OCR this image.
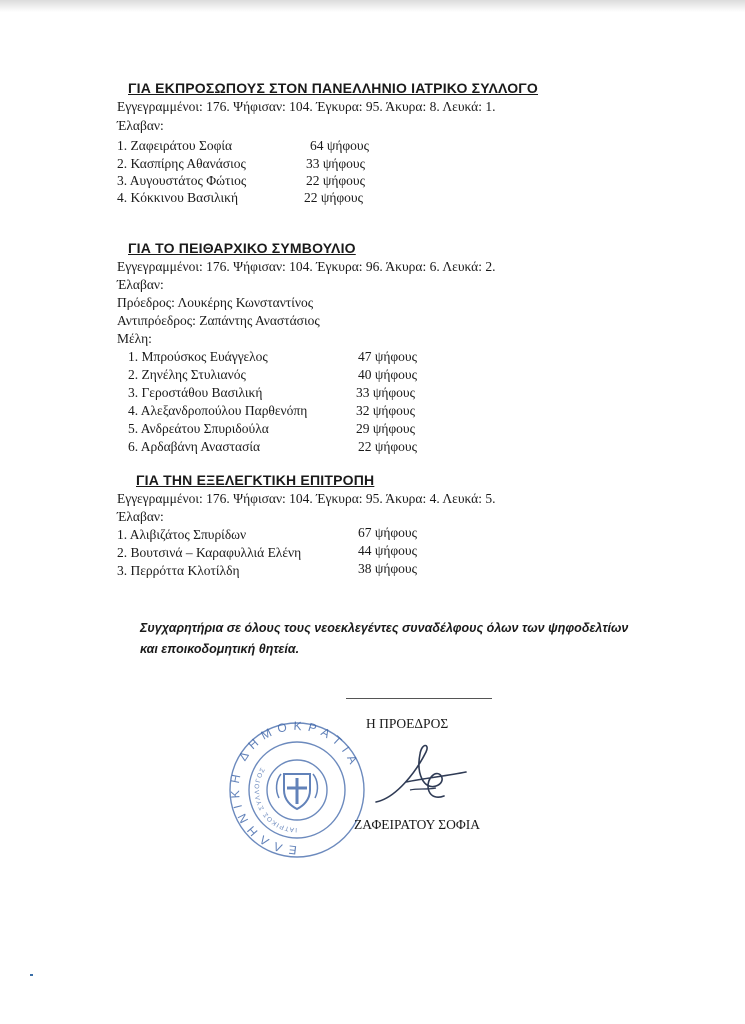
ΓΙΑ ΕΚΠΡΟΣΩΠΟΥΣ ΣΤΟΝ ΠΑΝΕΛΛΗΝΙΟ ΙΑΤΡΙΚΟ ΣΥΛΛΟΓΟ
Εγγεγραμμένοι: 176. Ψήφισαν: 104. Έγκυρα: 95. Άκυρα: 8. Λευκά: 1.
Έλαβαν:
1. Ζαφειράτου Σοφία	64 ψήφους
2. Κασπίρης Αθανάσιος	33 ψήφους
3. Αυγουστάτος Φώτιος	22 ψήφους
4. Κόκκινου Βασιλική	22 ψήφους
ΓΙΑ ΤΟ ΠΕΙΘΑΡΧΙΚΟ ΣΥΜΒΟΥΛΙΟ
Εγγεγραμμένοι: 176. Ψήφισαν: 104. Έγκυρα: 96. Άκυρα: 6. Λευκά: 2.
Έλαβαν:
Πρόεδρος: Λουκέρης Κωνσταντίνος
Αντιπρόεδρος: Ζαπάντης Αναστάσιος
Μέλη:
1. Μπρούσκος Ευάγγελος	47 ψήφους
2. Ζηνέλης Στυλιανός	40 ψήφους
3. Γεροστάθου Βασιλική	33 ψήφους
4. Αλεξανδροπούλου Παρθενόπη	32 ψήφους
5. Ανδρεάτου Σπυριδούλα	29 ψήφους
6. Αρδαβάνη Αναστασία	22 ψήφους
ΓΙΑ ΤΗΝ ΕΞΕΛΕΓΚΤΙΚΗ ΕΠΙΤΡΟΠΗ
Εγγεγραμμένοι: 176. Ψήφισαν: 104. Έγκυρα: 95. Άκυρα: 4. Λευκά: 5.
Έλαβαν:
1. Αλιβιζάτος Σπυρίδων	67 ψήφους
2. Βουτσινά – Καραφυλλιά Ελένη	44 ψήφους
3. Περρόττα Κλοτίλδη	38 ψήφους
Συγχαρητήρια σε όλους τους νεοεκλεγέντες συναδέλφους όλων των ψηφοδελτίων
και εποικοδομητική θητεία.
Η ΠΡΟΕΔΡΟΣ
ΕΛΛΗΝΙΚΗ ΔΗΜΟΚΡΑΤΙΑ
ΙΑΤΡΙΚΟΣ ΣΥΛΛΟΓΟΣ
ΖΑΦΕΙΡΑΤΟΥ ΣΟΦΙΑ
